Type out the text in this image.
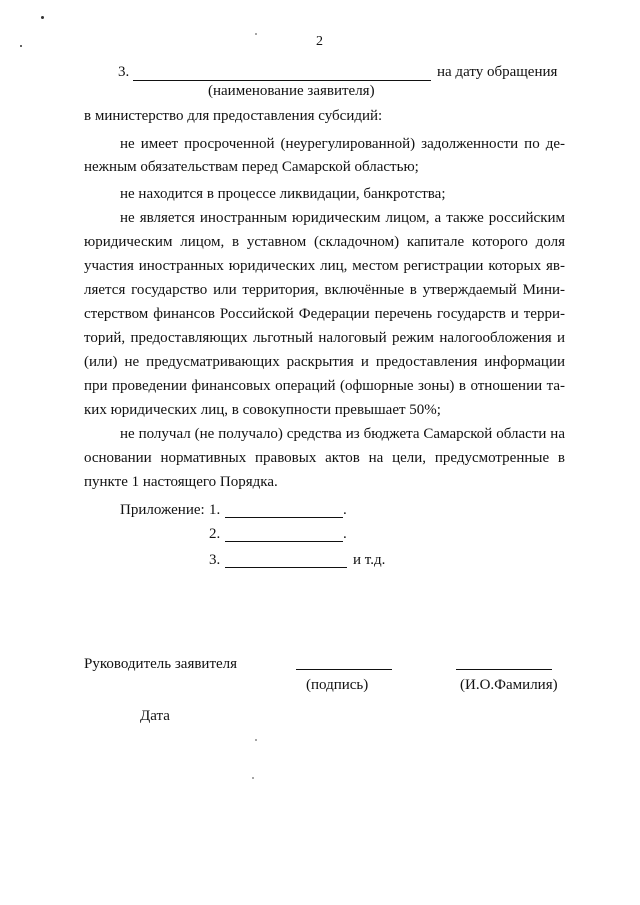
2
3.	на дату обращения
(наименование заявителя)
в министерство для предоставления субсидий:
не имеет просроченной (неурегулированной) задолженности по де-
нежным обязательствам перед Самарской областью;
не находится в процессе ликвидации, банкротства;
не является иностранным юридическим лицом, а также российским
юридическим лицом, в уставном (складочном) капитале которого доля
участия иностранных юридических лиц, местом регистрации которых яв-
ляется государство или территория, включённые в утверждаемый Мини-
стерством финансов Российской Федерации перечень государств и терри-
торий, предоставляющих льготный налоговый режим налогообложения и
(или) не предусматривающих раскрытия и предоставления информации
при проведении финансовых операций (офшорные зоны) в отношении та-
ких юридических лиц, в совокупности превышает 50%;
не получал (не получало) средства из бюджета Самарской области на
основании нормативных правовых актов на цели, предусмотренные в
пункте 1 настоящего Порядка.
Приложение: 1.	.
2.	.
3.	и т.д.
Руководитель заявителя
(подпись)	(И.О.Фамилия)
Дата
